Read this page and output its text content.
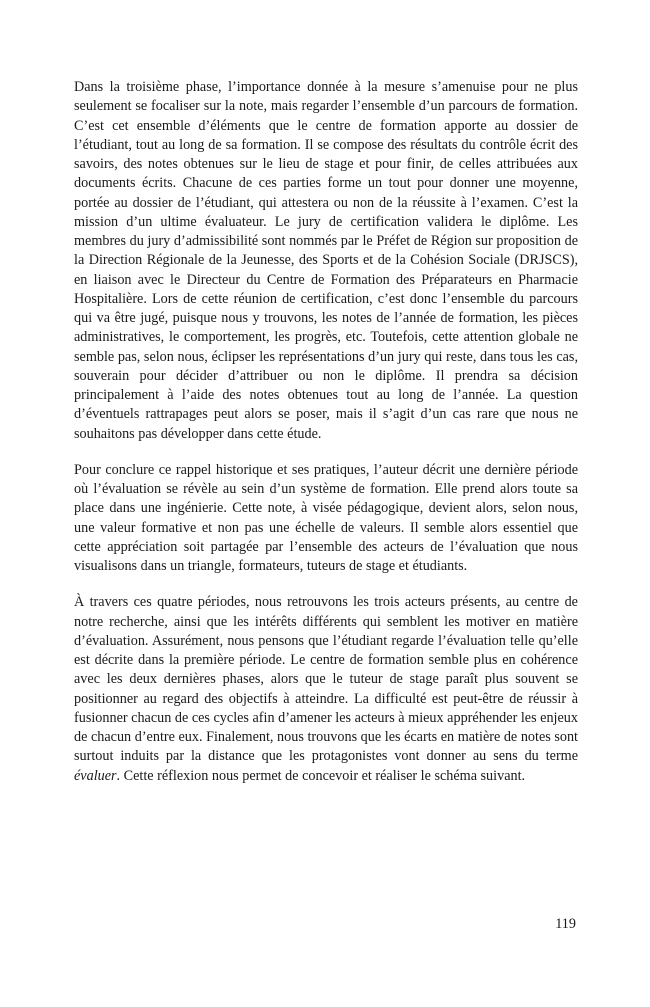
Dans la troisième phase, l’importance donnée à la mesure s’amenuise pour ne plus seulement se focaliser sur la note, mais regarder l’ensemble d’un parcours de formation. C’est cet ensemble d’éléments que le centre de formation apporte au dossier de l’étudiant, tout au long de sa formation. Il se compose des résultats du contrôle écrit des savoirs, des notes obtenues sur le lieu de stage et pour finir, de celles attribuées aux documents écrits. Chacune de ces parties forme un tout pour donner une moyenne, portée au dossier de l’étudiant, qui attestera ou non de la réussite à l’examen. C’est la mission d’un ultime évaluateur. Le jury de certification validera le diplôme. Les membres du jury d’admissibilité sont nommés par le Préfet de Région sur proposition de la Direction Régionale de la Jeunesse, des Sports et de la Cohésion Sociale (DRJSCS), en liaison avec le Directeur du Centre de Formation des Préparateurs en Pharmacie Hospitalière. Lors de cette réunion de certification, c’est donc l’ensemble du parcours qui va être jugé, puisque nous y trouvons, les notes de l’année de formation, les pièces administratives, le comportement, les progrès, etc. Toutefois, cette attention globale ne semble pas, selon nous, éclipser les représentations d’un jury qui reste, dans tous les cas, souverain pour décider d’attribuer ou non le diplôme. Il prendra sa décision principalement à l’aide des notes obtenues tout au long de l’année. La question d’éventuels rattrapages peut alors se poser, mais il s’agit d’un cas rare que nous ne souhaitons pas développer dans cette étude.

Pour conclure ce rappel historique et ses pratiques, l’auteur décrit une dernière période où l’évaluation se révèle au sein d’un système de formation. Elle prend alors toute sa place dans une ingénierie. Cette note, à visée pédagogique, devient alors, selon nous, une valeur formative et non pas une échelle de valeurs. Il semble alors essentiel que cette appréciation soit partagée par l’ensemble des acteurs de l’évaluation que nous visualisons dans un triangle, formateurs, tuteurs de stage et étudiants.

À travers ces quatre périodes, nous retrouvons les trois acteurs présents, au centre de notre recherche, ainsi que les intérêts différents qui semblent les motiver en matière d’évaluation. Assurément, nous pensons que l’étudiant regarde l’évaluation telle qu’elle est décrite dans la première période. Le centre de formation semble plus en cohérence avec les deux dernières phases, alors que le tuteur de stage paraît plus souvent se positionner au regard des objectifs à atteindre. La difficulté est peut-être de réussir à fusionner chacun de ces cycles afin d’amener les acteurs à mieux appréhender les enjeux de chacun d’entre eux. Finalement, nous trouvons que les écarts en matière de notes sont surtout induits par la distance que les protagonistes vont donner au sens du terme évaluer. Cette réflexion nous permet de concevoir et réaliser le schéma suivant.

119
